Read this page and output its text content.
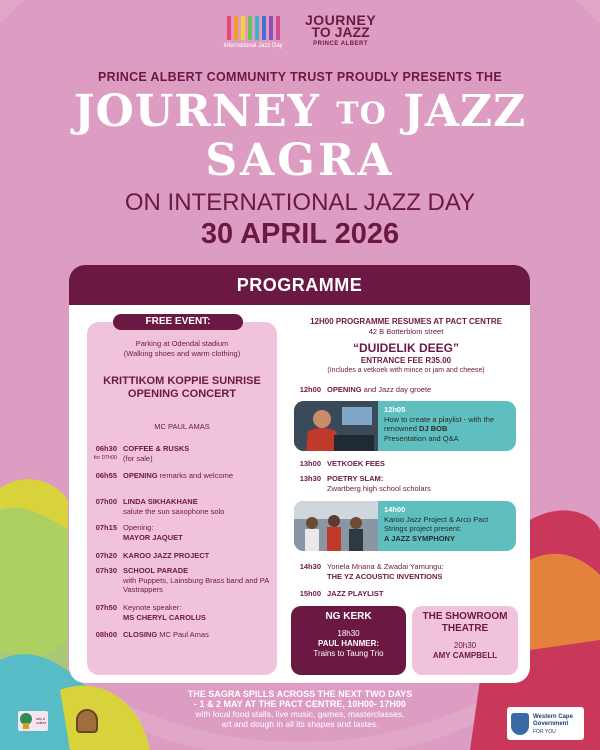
International Jazz Day
JOURNEY
TO JAZZ
PRINCE ALBERT
PRINCE ALBERT COMMUNITY TRUST PROUDLY PRESENTS THE
JOURNEY TO JAZZ
SAGRA
ON INTERNATIONAL JAZZ DAY
30 APRIL 2026
PROGRAMME
FREE EVENT:
Parking at Odendal stadium
(Walking shoes and warm clothing)
KRITTIKOM KOPPIE SUNRISE OPENING CONCERT
MC PAUL AMAS
06h30
for 07h00
COFFEE & RUSKS
(for sale)
06h55 OPENING remarks and welcome
07h00 LINDA SIKHAKHANE
salute the sun saxophone solo
07h15 Opening:
MAYOR JAQUET
07h20 KAROO JAZZ PROJECT
07h30 SCHOOL PARADE
with Puppets, Lainsburg Brass band and PA Vastrappers
07h50 Keynote speaker:
MS CHERYL CAROLUS
08h00 CLOSING MC Paul Amas
12H00 PROGRAMME RESUMES AT PACT CENTRE
42 B Botterblom street
“DUIDELIK DEEG”
ENTRANCE FEE R35.00
(Includes a vetkoek with mince or jam and cheese)
12h00 OPENING and Jazz day groete
12h05
How to create a playlist - with the renowned DJ BOB
Presentation and Q&A
13h00 VETKOEK FEES
13h30 POETRY SLAM:
Zwartberg high school scholars
14h00
Karoo Jazz Project & Arco Pact Strings project present:
A JAZZ SYMPHONY
14h30 Yonela Mnana & Zwadai Yamungu:
THE YZ ACOUSTIC INVENTIONS
15h00 JAZZ PLAYLIST
NG KERK
18h30
PAUL HANMER:
Trains to Taung Trio
THE SHOWROOM THEATRE
20h30
AMY CAMPBELL
THE SAGRA SPILLS ACROSS THE NEXT TWO DAYS
- 1 & 2 MAY AT THE PACT CENTRE, 10H00- 17H00
with local food stalls, live music, games, masterclasses,
art and dough in all its shapes and tastes.
arts & culture
Western Cape
Government
FOR YOU
